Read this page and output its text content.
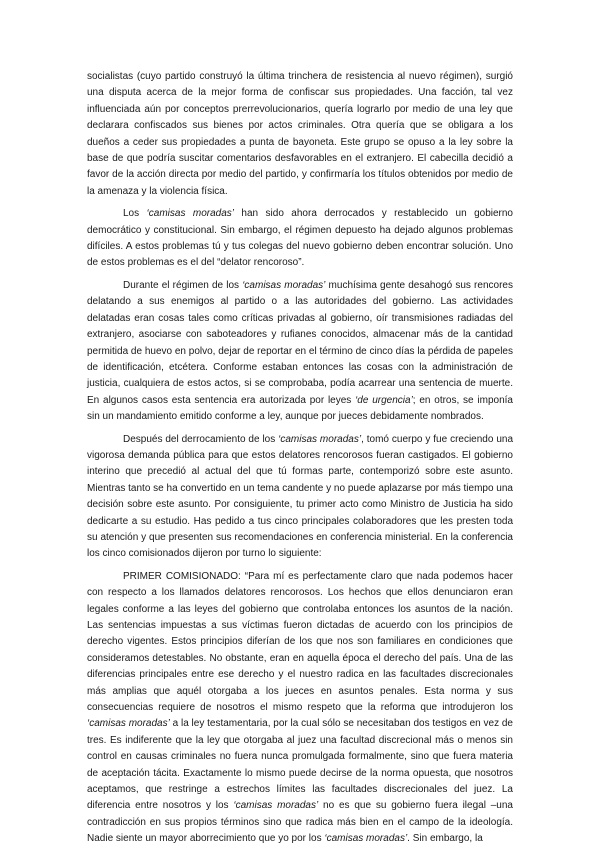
socialistas (cuyo partido construyó la última trinchera de resistencia al nuevo régimen), surgió una disputa acerca de la mejor forma de confiscar sus propiedades. Una facción, tal vez influenciada aún por conceptos prerrevolucionarios, quería lograrlo por medio de una ley que declarara confiscados sus bienes por actos criminales. Otra quería que se obligara a los dueños a ceder sus propiedades a punta de bayoneta. Este grupo se opuso a la ley sobre la base de que podría suscitar comentarios desfavorables en el extranjero. El cabecilla decidió a favor de la acción directa por medio del partido, y confirmaría los títulos obtenidos por medio de la amenaza y la violencia física.

Los ‘camisas moradas’ han sido ahora derrocados y restablecido un gobierno democrático y constitucional. Sin embargo, el régimen depuesto ha dejado algunos problemas difíciles. A estos problemas tú y tus colegas del nuevo gobierno deben encontrar solución. Uno de estos problemas es el del “delator rencoroso”.

Durante el régimen de los ‘camisas moradas’ muchísima gente desahogó sus rencores delatando a sus enemigos al partido o a las autoridades del gobierno. Las actividades delatadas eran cosas tales como críticas privadas al gobierno, oír transmisiones radiadas del extranjero, asociarse con saboteadores y rufianes conocidos, almacenar más de la cantidad permitida de huevo en polvo, dejar de reportar en el término de cinco días la pérdida de papeles de identificación, etcétera. Conforme estaban entonces las cosas con la administración de justicia, cualquiera de estos actos, si se comprobaba, podía acarrear una sentencia de muerte. En algunos casos esta sentencia era autorizada por leyes ‘de urgencia’; en otros, se imponía sin un mandamiento emitido conforme a ley, aunque por jueces debidamente nombrados.

Después del derrocamiento de los ‘camisas moradas’, tomó cuerpo y fue creciendo una vigorosa demanda pública para que estos delatores rencorosos fueran castigados. El gobierno interino que precedió al actual del que tú formas parte, contemporizó sobre este asunto. Mientras tanto se ha convertido en un tema candente y no puede aplazarse por más tiempo una decisión sobre este asunto. Por consiguiente, tu primer acto como Ministro de Justicia ha sido dedicarte a su estudio. Has pedido a tus cinco principales colaboradores que les presten toda su atención y que presenten sus recomendaciones en conferencia ministerial. En la conferencia los cinco comisionados dijeron por turno lo siguiente:

PRIMER COMISIONADO: “Para mí es perfectamente claro que nada podemos hacer con respecto a los llamados delatores rencorosos. Los hechos que ellos denunciaron eran legales conforme a las leyes del gobierno que controlaba entonces los asuntos de la nación. Las sentencias impuestas a sus víctimas fueron dictadas de acuerdo con los principios de derecho vigentes. Estos principios diferían de los que nos son familiares en condiciones que consideramos detestables. No obstante, eran en aquella época el derecho del país. Una de las diferencias principales entre ese derecho y el nuestro radica en las facultades discrecionales más amplias que aquél otorgaba a los jueces en asuntos penales. Esta norma y sus consecuencias requiere de nosotros el mismo respeto que la reforma que introdujeron los ‘camisas moradas’ a la ley testamentaria, por la cual sólo se necesitaban dos testigos en vez de tres. Es indiferente que la ley que otorgaba al juez una facultad discrecional más o menos sin control en causas criminales no fuera nunca promulgada formalmente, sino que fuera materia de aceptación tácita. Exactamente lo mismo puede decirse de la norma opuesta, que nosotros aceptamos, que restringe a estrechos límites las facultades discrecionales del juez. La diferencia entre nosotros y los ‘camisas moradas’ no es que su gobierno fuera ilegal –una contradicción en sus propios términos sino que radica más bien en el campo de la ideología. Nadie siente un mayor aborrecimiento que yo por los ‘camisas moradas’. Sin embargo, la
